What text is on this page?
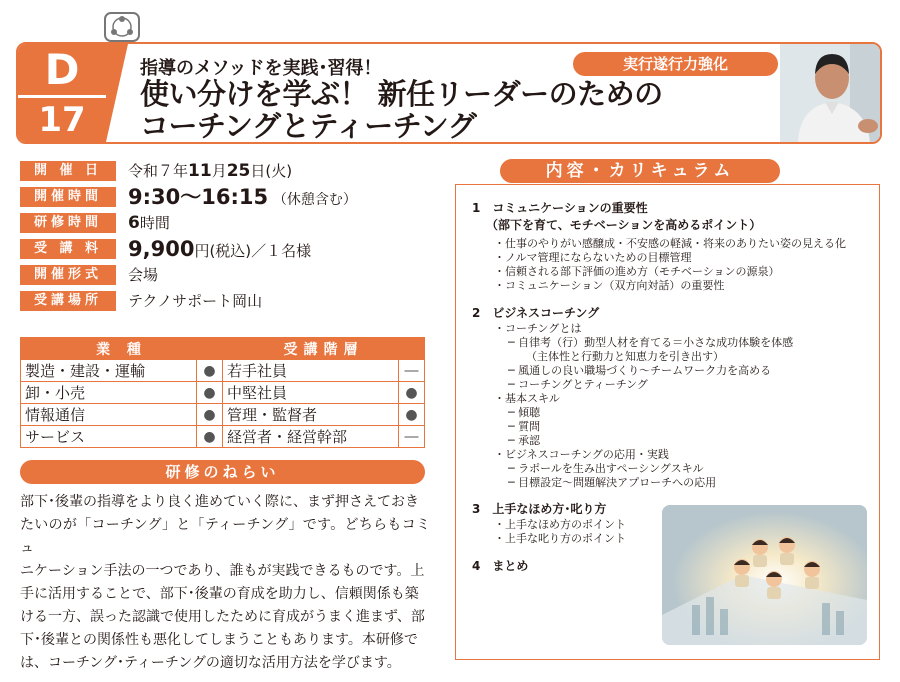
D
17
指導のメソッドを実践･習得！	実行遂行力強化
使い分けを学ぶ！ 新任リーダーのための
コーチングとティーチング
開 催 日	令和７年11月25日(火)
開催時間	9:30～16:15 （休憩含む）
研修時間	6時間
受 講 料	9,900円(税込)／１名様
開催形式	会場
受講場所	テクノサポート岡山
業 種		受講階層	
製造・建設・運輸	●	若手社員	―
卸・小売	●	中堅社員	●
情報通信	●	管理・監督者	●
サービス	●	経営者・経営幹部	―
研修のねらい
部下･後輩の指導をより良く進めていく際に、まず押さえておき
たいのが「コーチング」と「ティーチング」です。どちらもコミュ
ニケーション手法の一つであり、誰もが実践できるものです。上
手に活用することで、部下･後輩の育成を助力し、信頼関係も築
ける一方、誤った認識で使用したために育成がうまく進まず、部
下･後輩との関係性も悪化してしまうこともあります。本研修で
は、コーチング･ティーチングの適切な活用方法を学びます。
内容・カリキュラム
1　コミュニケーションの重要性
（部下を育て、モチベーションを高めるポイント）
・仕事のやりがい感醸成・不安感の軽減・将来のありたい姿の見える化
・ノルマ管理にならないための目標管理
・信頼される部下評価の進め方（モチベーションの源泉）
・コミュニケーション（双方向対話）の重要性
2　ビジネスコーチング
・コーチングとは
─ 自律考（行）動型人材を育てる＝小さな成功体験を体感
（主体性と行動力と知恵力を引き出す）
─ 風通しの良い職場づくり～チームワーク力を高める
─ コーチングとティーチング
・基本スキル
─ 傾聴
─ 質問
─ 承認
・ビジネスコーチングの応用・実践
─ ラポールを生み出すペーシングスキル
─ 目標設定～問題解決アプローチへの応用
3　上手なほめ方･叱り方
・上手なほめ方のポイント
・上手な叱り方のポイント
4　まとめ
